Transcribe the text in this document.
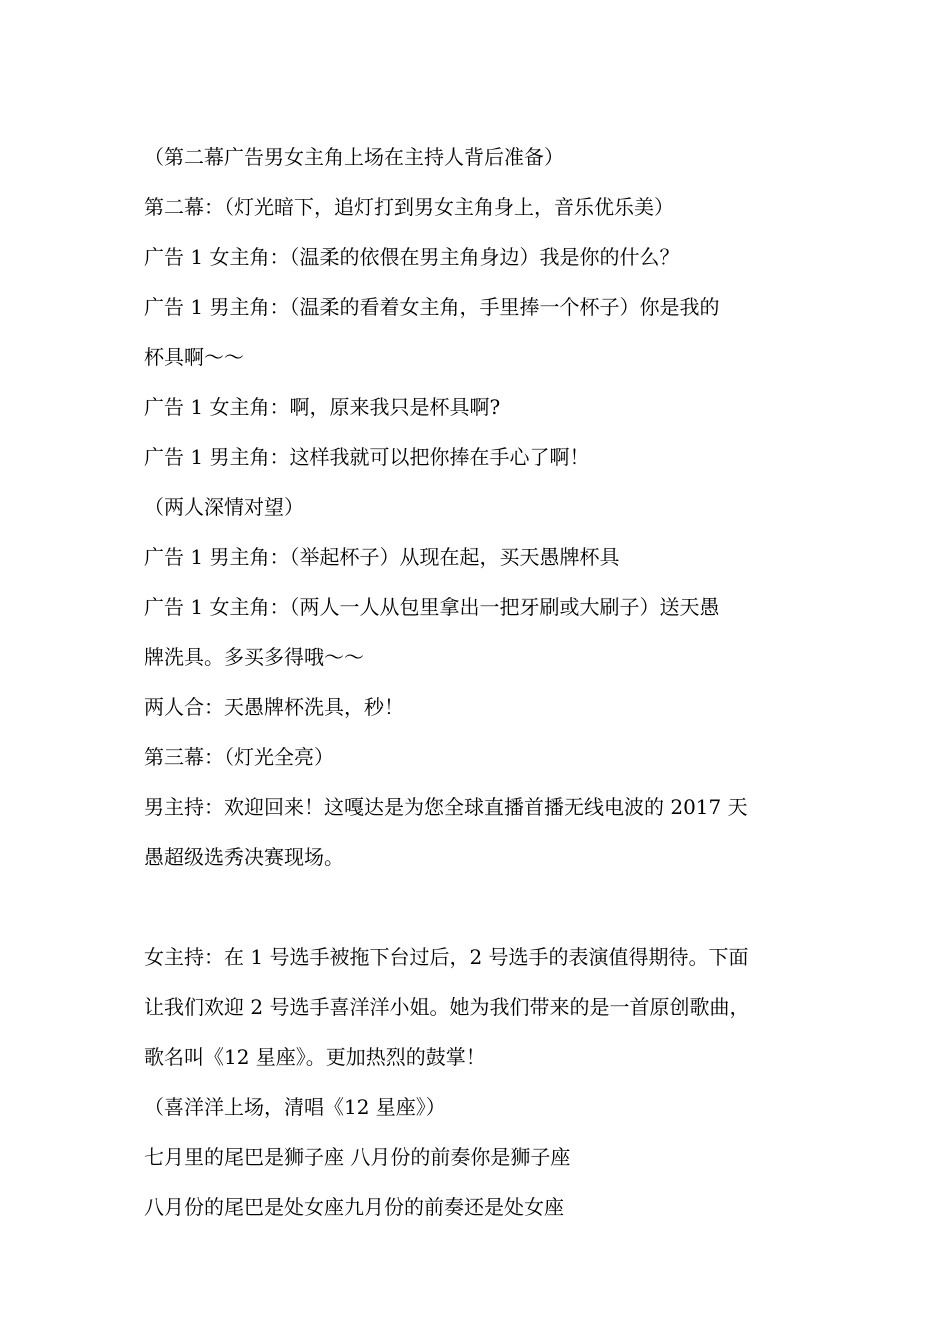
（第二幕广告男女主角上场在主持人背后准备）

第二幕：（灯光暗下，追灯打到男女主角身上，音乐优乐美）

广告 1 女主角：（温柔的依偎在男主角身边）我是你的什么？

广告 1 男主角：（温柔的看着女主角，手里捧一个杯子）你是我的

杯具啊～～

广告 1 女主角：啊，原来我只是杯具啊?

广告 1 男主角：这样我就可以把你捧在手心了啊！

（两人深情对望）

广告 1 男主角：（举起杯子）从现在起，买天愚牌杯具

广告 1 女主角：（两人一人从包里拿出一把牙刷或大刷子）送天愚

牌洗具。多买多得哦～～

两人合：天愚牌杯洗具，秒！

第三幕：（灯光全亮）

男主持：欢迎回来！这嘎达是为您全球直播首播无线电波的 2017 天

愚超级选秀决赛现场。

女主持：在 1 号选手被拖下台过后，2 号选手的表演值得期待。下面

让我们欢迎 2 号选手喜洋洋小姐。她为我们带来的是一首原创歌曲，

歌名叫《12 星座》。更加热烈的鼓掌！

（喜洋洋上场，清唱《12 星座》）

七月里的尾巴是狮子座 八月份的前奏你是狮子座

八月份的尾巴是处女座九月份的前奏还是处女座
